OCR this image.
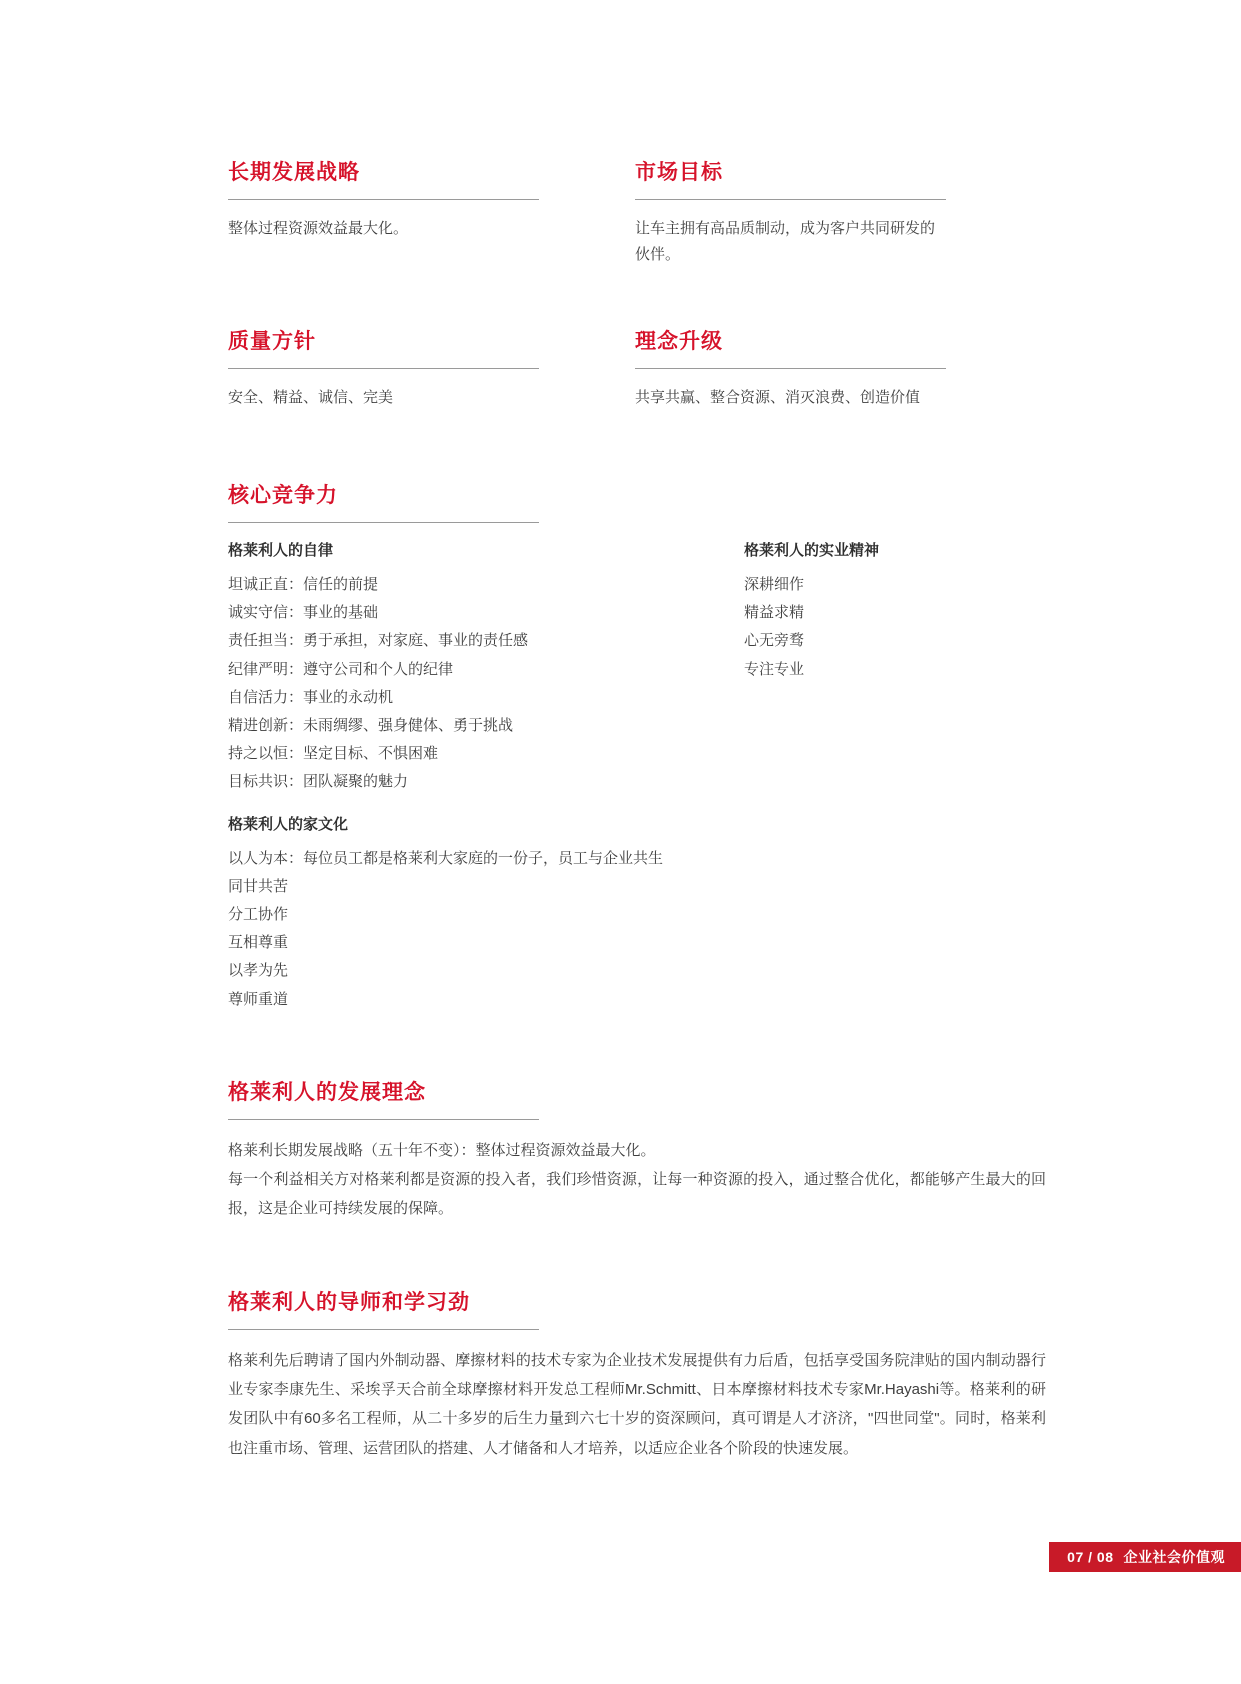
长期发展战略

整体过程资源效益最大化。

市场目标

让车主拥有高品质制动，成为客户共同研发的伙伴。

质量方针

安全、精益、诚信、完美

理念升级

共享共赢、整合资源、消灭浪费、创造价值

核心竞争力
格莱利人的自律
坦诚正直：信任的前提
诚实守信：事业的基础
责任担当：勇于承担，对家庭、事业的责任感
纪律严明：遵守公司和个人的纪律
自信活力：事业的永动机
精进创新：未雨绸缪、强身健体、勇于挑战
持之以恒：坚定目标、不惧困难
目标共识：团队凝聚的魅力
格莱利人的实业精神
深耕细作
精益求精
心无旁骛
专注专业
格莱利人的家文化
以人为本：每位员工都是格莱利大家庭的一份子，员工与企业共生
同甘共苦
分工协作
互相尊重
以孝为先
尊师重道
格莱利人的发展理念

格莱利长期发展战略（五十年不变）：整体过程资源效益最大化。

每一个利益相关方对格莱利都是资源的投入者，我们珍惜资源，让每一种资源的投入，通过整合优化，都能够产生最大的回报，这是企业可持续发展的保障。

格莱利人的导师和学习劲

格莱利先后聘请了国内外制动器、摩擦材料的技术专家为企业技术发展提供有力后盾，包括享受国务院津贴的国内制动器行业专家李康先生、采埃孚天合前全球摩擦材料开发总工程师Mr.Schmitt、日本摩擦材料技术专家Mr.Hayashi等。格莱利的研发团队中有60多名工程师，从二十多岁的后生力量到六七十岁的资深顾问，真可谓是人才济济，"四世同堂"。同时，格莱利也注重市场、管理、运营团队的搭建、人才储备和人才培养，以适应企业各个阶段的快速发展。

07 / 08 企业社会价值观
